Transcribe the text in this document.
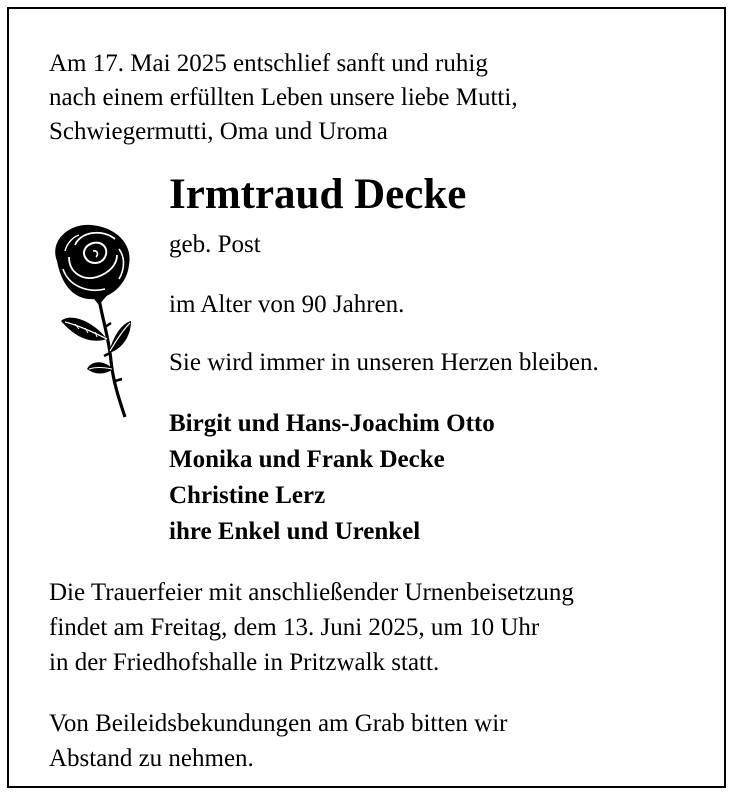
Am 17. Mai 2025 entschlief sanft und ruhig
nach einem erfüllten Leben unsere liebe Mutti,
Schwiegermutti, Oma und Uroma

Irmtraud Decke

geb. Post

im Alter von 90 Jahren.

Sie wird immer in unseren Herzen bleiben.

Birgit und Hans-Joachim Otto
Monika und Frank Decke
Christine Lerz
ihre Enkel und Urenkel

Die Trauerfeier mit anschließender Urnenbeisetzung
findet am Freitag, dem 13. Juni 2025, um 10 Uhr
in der Friedhofshalle in Pritzwalk statt.

Von Beileidsbekundungen am Grab bitten wir
Abstand zu nehmen.
